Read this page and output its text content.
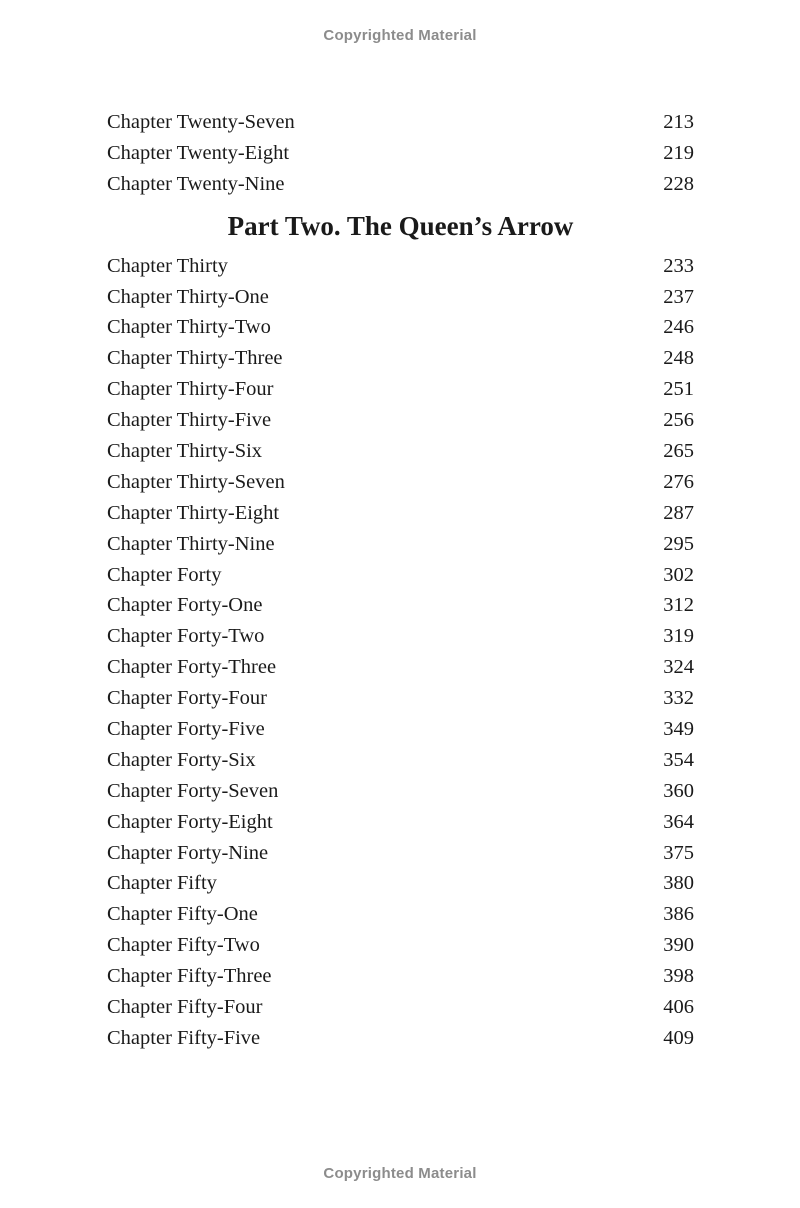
Copyrighted Material
Chapter Twenty-Seven	213
Chapter Twenty-Eight	219
Chapter Twenty-Nine	228
Part Two. The Queen’s Arrow
Chapter Thirty	233
Chapter Thirty-One	237
Chapter Thirty-Two	246
Chapter Thirty-Three	248
Chapter Thirty-Four	251
Chapter Thirty-Five	256
Chapter Thirty-Six	265
Chapter Thirty-Seven	276
Chapter Thirty-Eight	287
Chapter Thirty-Nine	295
Chapter Forty	302
Chapter Forty-One	312
Chapter Forty-Two	319
Chapter Forty-Three	324
Chapter Forty-Four	332
Chapter Forty-Five	349
Chapter Forty-Six	354
Chapter Forty-Seven	360
Chapter Forty-Eight	364
Chapter Forty-Nine	375
Chapter Fifty	380
Chapter Fifty-One	386
Chapter Fifty-Two	390
Chapter Fifty-Three	398
Chapter Fifty-Four	406
Chapter Fifty-Five	409
Copyrighted Material
